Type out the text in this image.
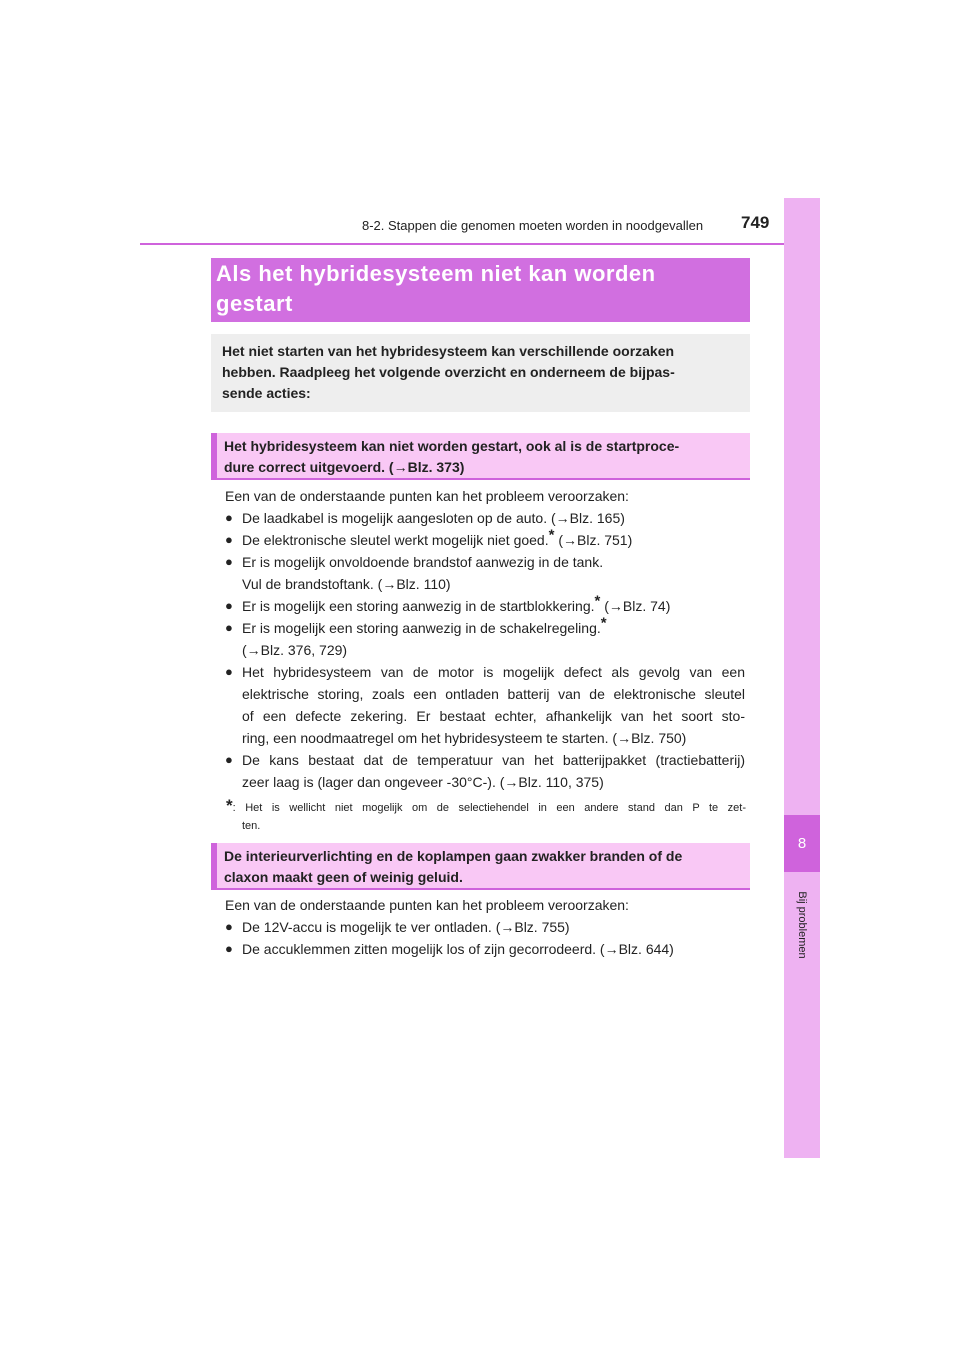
8-2. Stappen die genomen moeten worden in noodgevallen 749
8
Bij problemen
Als het hybridesysteem niet kan worden
gestart
Het niet starten van het hybridesysteem kan verschillende oorzaken
hebben. Raadpleeg het volgende overzicht en onderneem de bijpas-
sende acties:
Het hybridesysteem kan niet worden gestart, ook al is de startproce-
dure correct uitgevoerd. (→Blz. 373)
Een van de onderstaande punten kan het probleem veroorzaken:
● De laadkabel is mogelijk aangesloten op de auto. (→Blz. 165)
● De elektronische sleutel werkt mogelijk niet goed.* (→Blz. 751)
● Er is mogelijk onvoldoende brandstof aanwezig in de tank.
Vul de brandstoftank. (→Blz. 110)
● Er is mogelijk een storing aanwezig in de startblokkering.* (→Blz. 74)
● Er is mogelijk een storing aanwezig in de schakelregeling.*
(→Blz. 376, 729)
● Het hybridesysteem van de motor is mogelijk defect als gevolg van een
elektrische storing, zoals een ontladen batterij van de elektronische sleutel
of een defecte zekering. Er bestaat echter, afhankelijk van het soort sto-
ring, een noodmaatregel om het hybridesysteem te starten. (→Blz. 750)
● De kans bestaat dat de temperatuur van het batterijpakket (tractiebatterij)
zeer laag is (lager dan ongeveer -30°C-). (→Blz. 110, 375)
*: Het is wellicht niet mogelijk om de selectiehendel in een andere stand dan P te zet-
ten.
De interieurverlichting en de koplampen gaan zwakker branden of de
claxon maakt geen of weinig geluid.
Een van de onderstaande punten kan het probleem veroorzaken:
● De 12V-accu is mogelijk te ver ontladen. (→Blz. 755)
● De accuklemmen zitten mogelijk los of zijn gecorrodeerd. (→Blz. 644)
